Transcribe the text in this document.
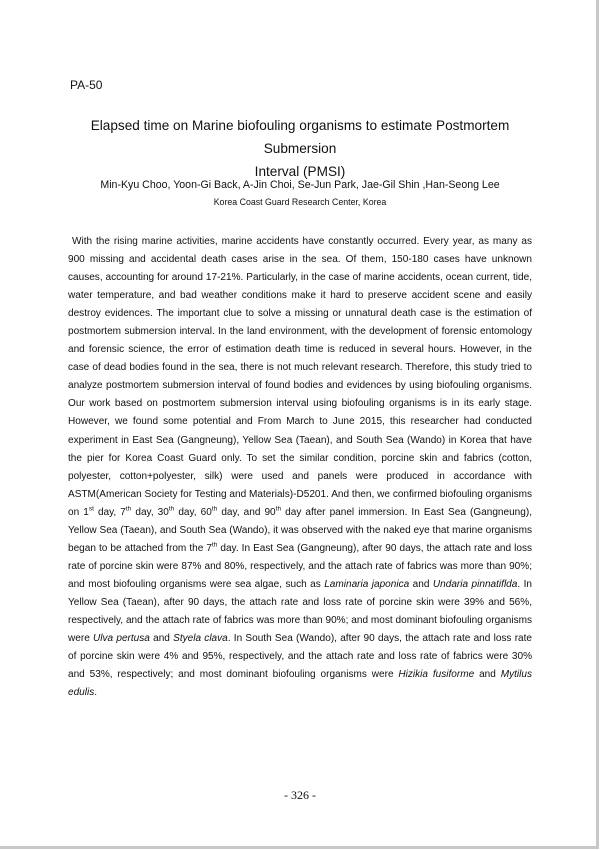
PA-50
Elapsed time on Marine biofouling organisms to estimate Postmortem Submersion
Interval (PMSI)
Min-Kyu Choo, Yoon-Gi Back, A-Jin Choi, Se-Jun Park, Jae-Gil Shin ,Han-Seong Lee
Korea Coast Guard Research Center, Korea

With the rising marine activities, marine accidents have constantly occurred. Every year, as many as 900 missing and accidental death cases arise in the sea. Of them, 150-180 cases have unknown causes, accounting for around 17-21%. Particularly, in the case of marine accidents, ocean current, tide, water temperature, and bad weather conditions make it hard to preserve accident scene and easily destroy evidences. The important clue to solve a missing or unnatural death case is the estimation of postmortem submersion interval. In the land environment, with the development of forensic entomology and forensic science, the error of estimation death time is reduced in several hours. However, in the case of dead bodies found in the sea, there is not much relevant research. Therefore, this study tried to analyze postmortem submersion interval of found bodies and evidences by using biofouling organisms. Our work based on postmortem submersion interval using biofouling organisms is in its early stage. However, we found some potential and From March to June 2015, this researcher had conducted experiment in East Sea (Gangneung), Yellow Sea (Taean), and South Sea (Wando) in Korea that have the pier for Korea Coast Guard only. To set the similar condition, porcine skin and fabrics (cotton, polyester, cotton+polyester, silk) were used and panels were produced in accordance with ASTM(American Society for Testing and Materials)-D5201. And then, we confirmed biofouling organisms on 1st day, 7th day, 30th day, 60th day, and 90th day after panel immersion. In East Sea (Gangneung), Yellow Sea (Taean), and South Sea (Wando), it was observed with the naked eye that marine organisms began to be attached from the 7th day. In East Sea (Gangneung), after 90 days, the attach rate and loss rate of porcine skin were 87% and 80%, respectively, and the attach rate of fabrics was more than 90%; and most biofouling organisms were sea algae, such as Laminaria japonica and Undaria pinnatiflda. In Yellow Sea (Taean), after 90 days, the attach rate and loss rate of porcine skin were 39% and 56%, respectively, and the attach rate of fabrics was more than 90%; and most dominant biofouling organisms were Ulva pertusa and Styela clava. In South Sea (Wando), after 90 days, the attach rate and loss rate of porcine skin were 4% and 95%, respectively, and the attach rate and loss rate of fabrics were 30% and 53%, respectively; and most dominant biofouling organisms were Hizikia fusiforme and Mytilus edulis.

- 326 -
